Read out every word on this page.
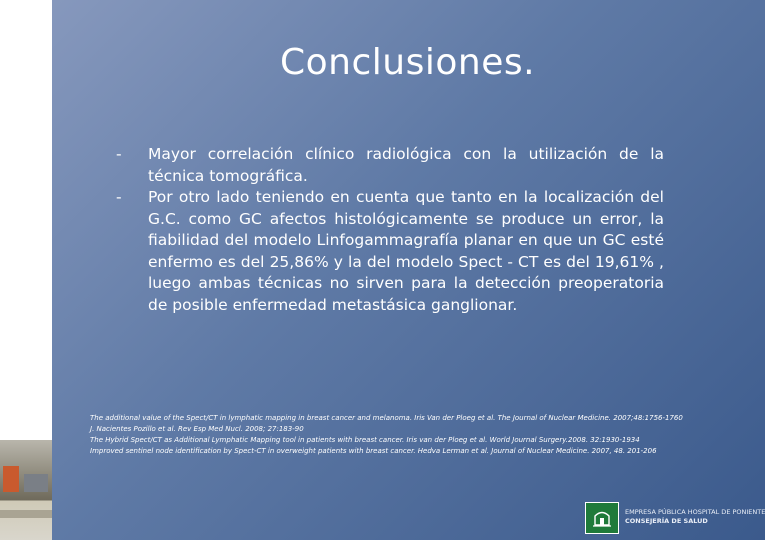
Conclusiones.
- Mayor correlación clínico radiológica con la utilización de la técnica tomográfica.
- Por otro lado teniendo en cuenta que tanto en la localización del G.C. como GC afectos histológicamente se produce un error, la fiabilidad del modelo Linfogammagrafía planar en que un GC esté enfermo es del 25,86% y la del modelo Spect - CT es del 19,61% , luego ambas técnicas no sirven para la detección preoperatoria de posible enfermedad metastásica ganglionar.
The additional value of the Spect/CT in lymphatic mapping in breast cancer and melanoma. Iris Van der Ploeg et al. The Journal of Nuclear Medicine. 2007;48:1756-1760
J. Nacientes Pozillo et al. Rev Esp Med Nucl. 2008; 27:183-90
The Hybrid Spect/CT as Additional Lymphatic Mapping tool in patients with breast cancer. Iris van der Ploeg et al. World Journal Surgery.2008. 32:1930-1934
Improved sentinel node identification by Spect-CT in overweight patients with breast cancer. Hedva Lerman et al. Journal of Nuclear Medicine. 2007, 48. 201-206
EMPRESA PÚBLICA HOSPITAL DE PONIENTE
CONSEJERÍA DE SALUD
